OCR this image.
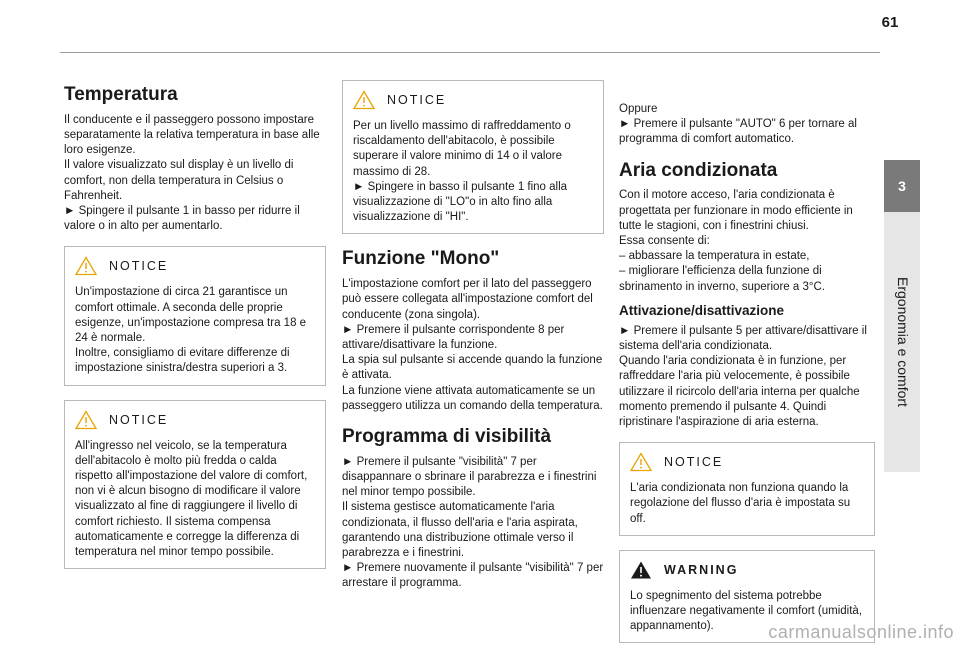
61
3
Ergonomia e comfort
Temperatura

Il conducente e il passeggero possono impostare separatamente la relativa temperatura in base alle loro esigenze.
Il valore visualizzato sul display è un livello di comfort, non della temperatura in Celsius o Fahrenheit.
► Spingere il pulsante 1 in basso per ridurre il valore o in alto per aumentarlo.

NOTICE

Un'impostazione di circa 21 garantisce un comfort ottimale. A seconda delle proprie esigenze, un'impostazione compresa tra 18 e 24 è normale.
Inoltre, consigliamo di evitare differenze di impostazione sinistra/destra superiori a 3.

NOTICE

All'ingresso nel veicolo, se la temperatura dell'abitacolo è molto più fredda o calda rispetto all'impostazione del valore di comfort, non vi è alcun bisogno di modificare il valore visualizzato al fine di raggiungere il livello di comfort richiesto. Il sistema compensa automaticamente e corregge la differenza di temperatura nel minor tempo possibile.

NOTICE

Per un livello massimo di raffreddamento o riscaldamento dell'abitacolo, è possibile superare il valore minimo di 14 o il valore massimo di 28.
► Spingere in basso il pulsante 1 fino alla visualizzazione di "LO"o in alto fino alla visualizzazione di "HI".

Funzione "Mono"

L'impostazione comfort per il lato del passeggero può essere collegata all'impostazione comfort del conducente (zona singola).
► Premere il pulsante corrispondente 8 per attivare/disattivare la funzione.
La spia sul pulsante si accende quando la funzione è attivata.
La funzione viene attivata automaticamente se un passeggero utilizza un comando della temperatura.

Programma di visibilità

► Premere il pulsante "visibilità" 7 per disappannare o sbrinare il parabrezza e i finestrini nel minor tempo possibile.
Il sistema gestisce automaticamente l'aria condizionata, il flusso dell'aria e l'aria aspirata, garantendo una distribuzione ottimale verso il parabrezza e i finestrini.
► Premere nuovamente il pulsante "visibilità" 7 per arrestare il programma.

Oppure
► Premere il pulsante "AUTO" 6 per tornare al programma di comfort automatico.

Aria condizionata

Con il motore acceso, l'aria condizionata è progettata per funzionare in modo efficiente in tutte le stagioni, con i finestrini chiusi.
Essa consente di:
– abbassare la temperatura in estate,
– migliorare l'efficienza della funzione di sbrinamento in inverno, superiore a 3°C.

Attivazione/disattivazione

► Premere il pulsante 5 per attivare/disattivare il sistema dell'aria condizionata.
Quando l'aria condizionata è in funzione, per raffreddare l'aria più velocemente, è possibile utilizzare il ricircolo dell'aria interna per qualche momento premendo il pulsante 4. Quindi ripristinare l'aspirazione di aria esterna.

NOTICE

L'aria condizionata non funziona quando la regolazione del flusso d'aria è impostata su off.

WARNING

Lo spegnimento del sistema potrebbe influenzare negativamente il comfort (umidità, appannamento).	carmanualsonline.info
